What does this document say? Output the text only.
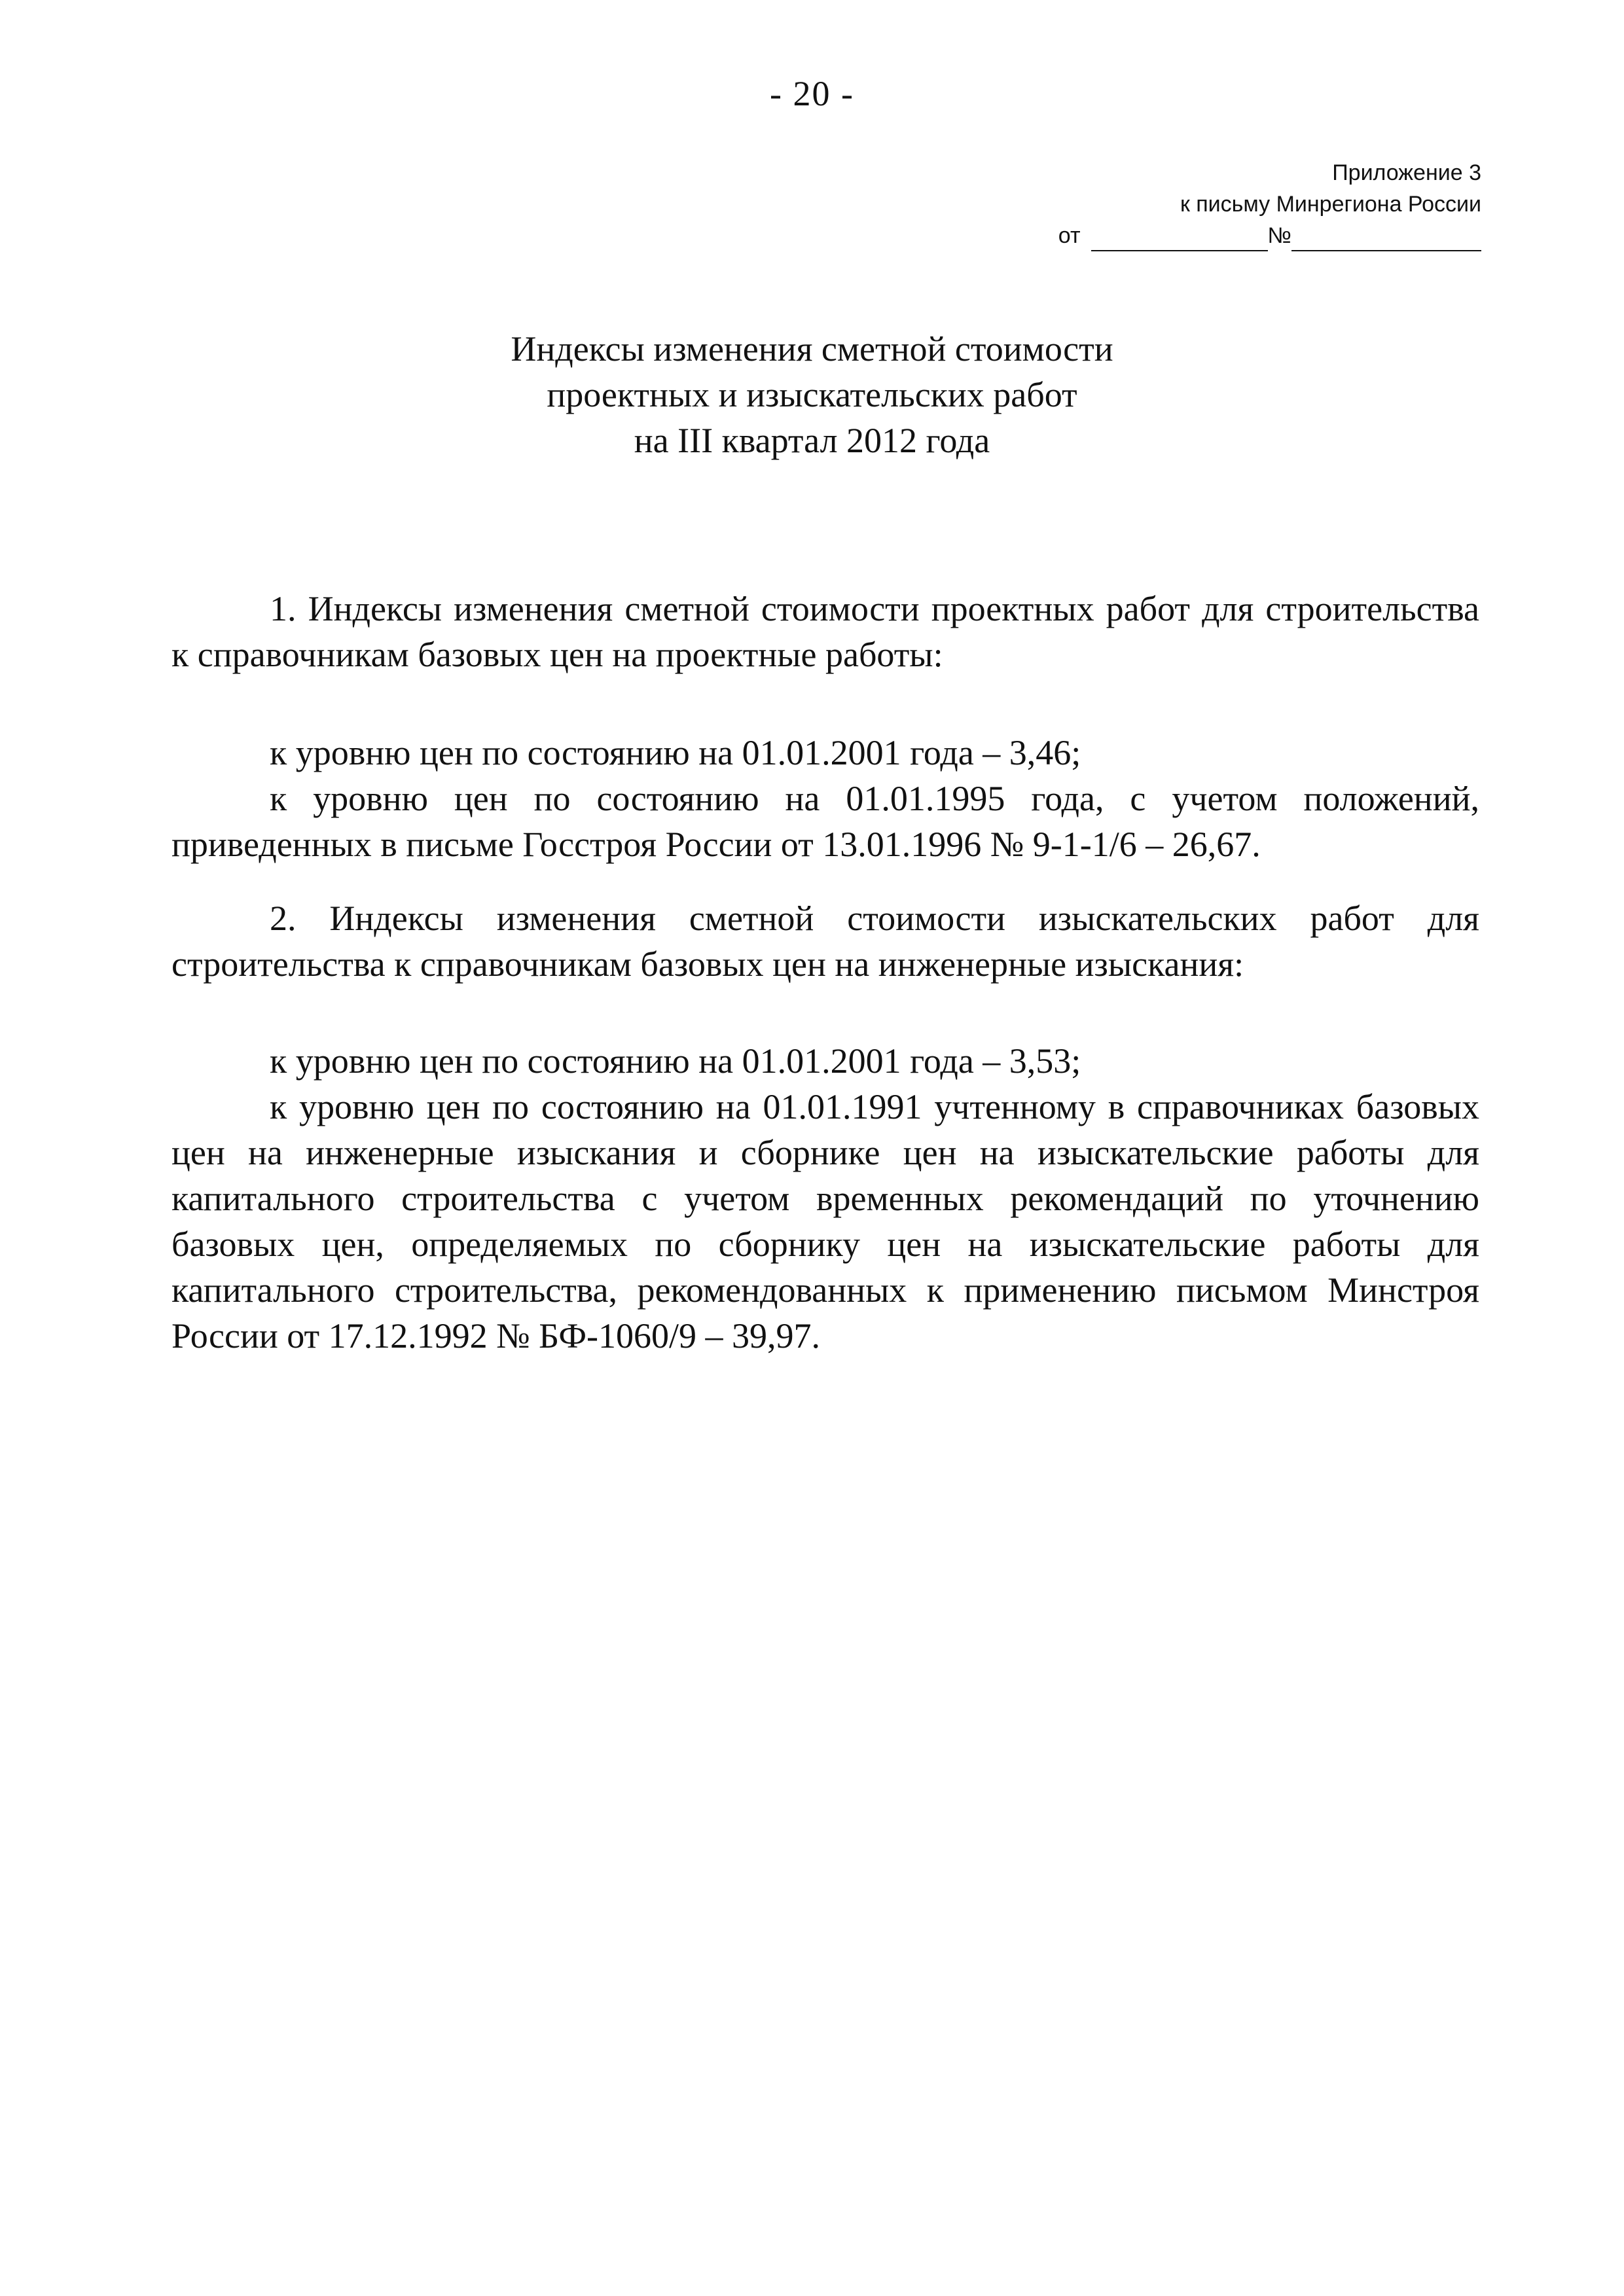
- 20 -
Приложение 3
к письму Минрегиона России
от	№
Индексы изменения сметной стоимости
проектных и изыскательских работ
на III квартал 2012 года

1. Индексы изменения сметной стоимости проектных работ для строительства к справочникам базовых цен на проектные работы:

к уровню цен по состоянию на 01.01.2001 года – 3,46;

к уровню цен по состоянию на 01.01.1995 года, с учетом положений, приведенных в письме Госстроя России от 13.01.1996 № 9-1-1/6 – 26,67.

2. Индексы изменения сметной стоимости изыскательских работ для строительства к справочникам базовых цен на инженерные изыскания:

к уровню цен по состоянию на 01.01.2001 года – 3,53;

к уровню цен по состоянию на 01.01.1991 учтенному в справочниках базовых цен на инженерные изыскания и сборнике цен на изыскательские работы для капитального строительства с учетом временных рекомендаций по уточнению базовых цен, определяемых по сборнику цен на изыскательские работы для капитального строительства, рекомендованных к применению письмом Минстроя России от 17.12.1992 № БФ-1060/9 – 39,97.
